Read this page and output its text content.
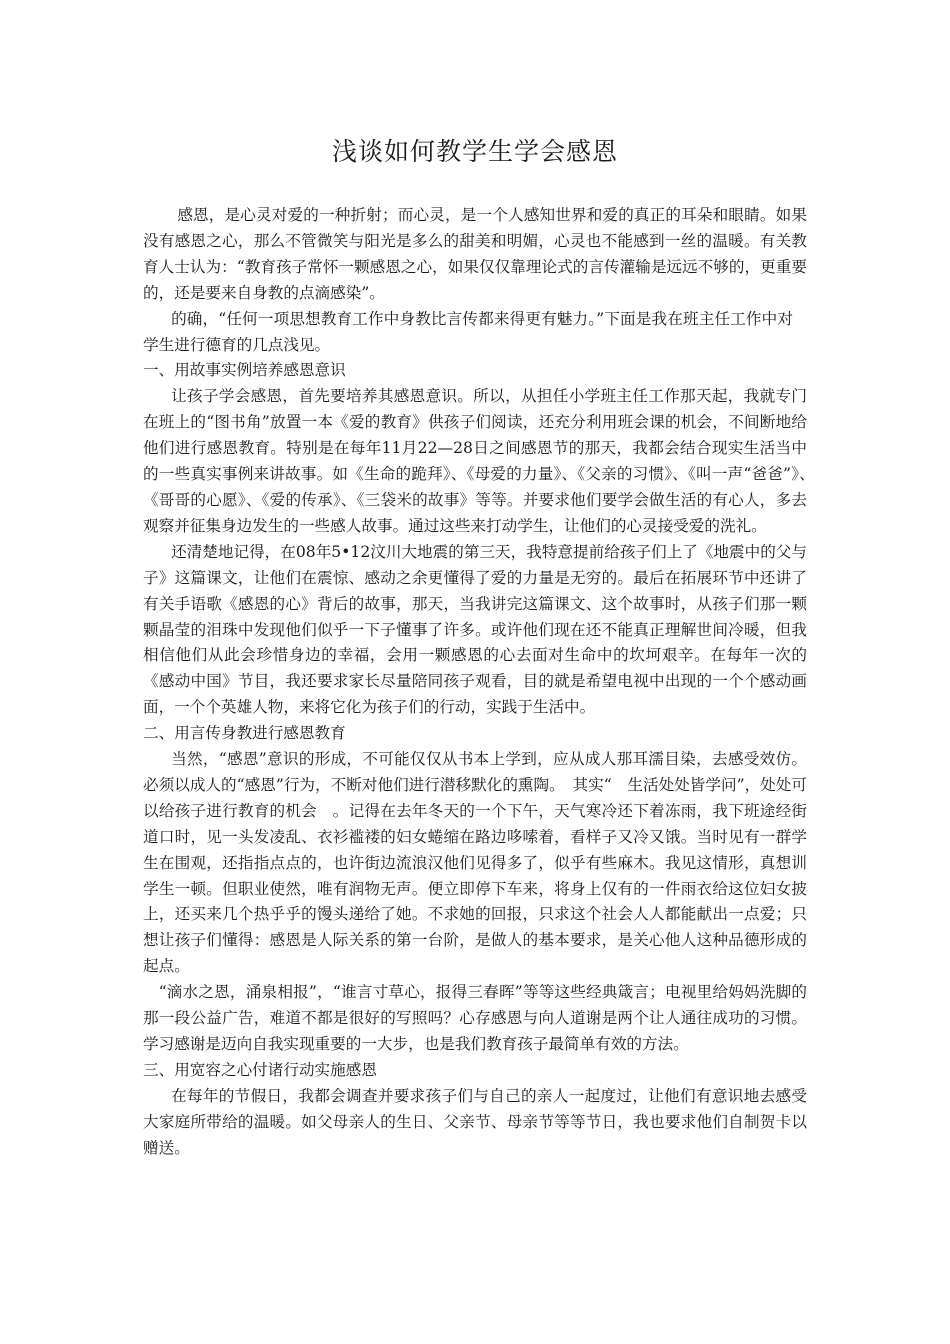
浅谈如何教学生学会感恩

感恩，是心灵对爱的一种折射；而心灵，是一个人感知世界和爱的真正的耳朵和眼睛。如果没有感恩之心，那么不管微笑与阳光是多么的甜美和明媚，心灵也不能感到一丝的温暖。有关教育人士认为：“教育孩子常怀一颗感恩之心，如果仅仅靠理论式的言传灌输是远远不够的，更重要的，还是要来自身教的点滴感染”。

的确，“任何一项思想教育工作中身教比言传都来得更有魅力。”下面是我在班主任工作中对学生进行德育的几点浅见。

一、用故事实例培养感恩意识

让孩子学会感恩，首先要培养其感恩意识。所以，从担任小学班主任工作那天起，我就专门在班上的“图书角”放置一本《爱的教育》供孩子们阅读，还充分利用班会课的机会，不间断地给他们进行感恩教育。特别是在每年11月22—28日之间感恩节的那天，我都会结合现实生活当中的一些真实事例来讲故事。如《生命的跪拜》、《母爱的力量》、《父亲的习惯》、《叫一声“爸爸”》、　《哥哥的心愿》、《爱的传承》、《三袋米的故事》等等。并要求他们要学会做生活的有心人，多去观察并征集身边发生的一些感人故事。通过这些来打动学生，让他们的心灵接受爱的洗礼。

还清楚地记得，在08年5•12汶川大地震的第三天，我特意提前给孩子们上了《地震中的父与子》这篇课文，让他们在震惊、感动之余更懂得了爱的力量是无穷的。最后在拓展环节中还讲了有关手语歌《感恩的心》背后的故事，那天，当我讲完这篇课文、这个故事时，从孩子们那一颗颗晶莹的泪珠中发现他们似乎一下子懂事了许多。或许他们现在还不能真正理解世间冷暖，但我相信他们从此会珍惜身边的幸福，会用一颗感恩的心去面对生命中的坎坷艰辛。在每年一次的《感动中国》节目，我还要求家长尽量陪同孩子观看，目的就是希望电视中出现的一个个感动画面，一个个英雄人物，来将它化为孩子们的行动，实践于生活中。

二、用言传身教进行感恩教育

当然，“感恩”意识的形成，不可能仅仅从书本上学到，应从成人那耳濡目染，去感受效仿。必须以成人的“感恩”行为，不断对他们进行潜移默化的熏陶。　其实“　生活处处皆学问”，处处可以给孩子进行教育的机会　。记得在去年冬天的一个下午，天气寒冷还下着冻雨，我下班途经街道口时，见一头发凌乱、衣衫褴褛的妇女蜷缩在路边哆嗦着，看样子又冷又饿。当时见有一群学生在围观，还指指点点的，也许街边流浪汉他们见得多了，似乎有些麻木。我见这情形，真想训学生一顿。但职业使然，唯有润物无声。便立即停下车来，将身上仅有的一件雨衣给这位妇女披上，还买来几个热乎乎的馒头递给了她。不求她的回报，只求这个社会人人都能献出一点爱；只想让孩子们懂得：感恩是人际关系的第一台阶，是做人的基本要求，是关心他人这种品德形成的起点。

“滴水之恩，涌泉相报”，“谁言寸草心，报得三春晖”等等这些经典箴言；电视里给妈妈洗脚的那一段公益广告，难道不都是很好的写照吗？心存感恩与向人道谢是两个让人通往成功的习惯。学习感谢是迈向自我实现重要的一大步，也是我们教育孩子最简单有效的方法。

三、用宽容之心付诸行动实施感恩

在每年的节假日，我都会调查并要求孩子们与自己的亲人一起度过，让他们有意识地去感受大家庭所带给的温暖。如父母亲人的生日、父亲节、母亲节等等节日，我也要求他们自制贺卡以赠送。
